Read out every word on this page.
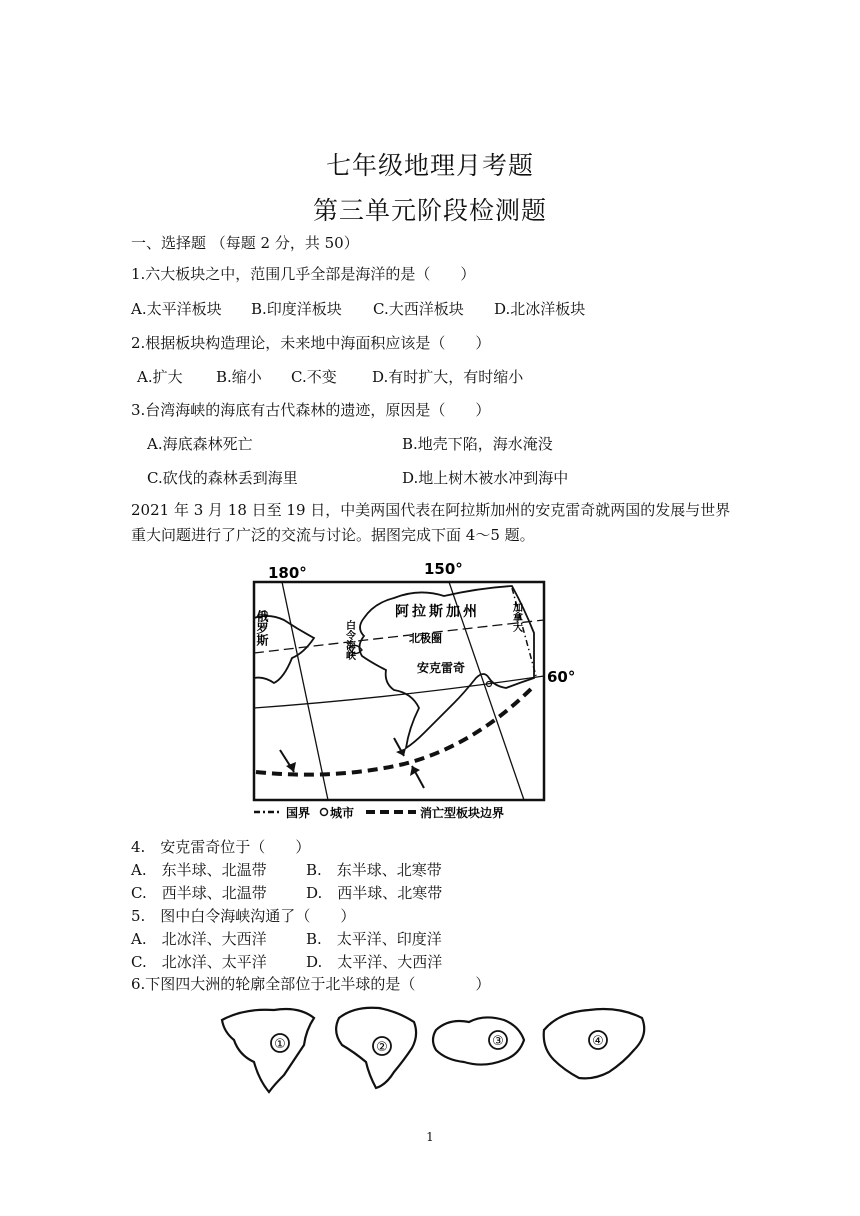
七年级地理月考题
第三单元阶段检测题
一、选择题 （每题 2 分，共 50）
1.六大板块之中，范围几乎全部是海洋的是（　　）
A.太平洋板块 B.印度洋板块 C.大西洋板块 D.北冰洋板块
2.根据板块构造理论，未来地中海面积应该是（　　）
A.扩大 B.缩小 C.不变 D.有时扩大，有时缩小
3.台湾海峡的海底有古代森林的遗迹，原因是（　　）
A.海底森林死亡	B.地壳下陷，海水淹没
C.砍伐的森林丢到海里	D.地上树木被水冲到海中
2021 年 3 月 18 日至 19 日，中美两国代表在阿拉斯加州的安克雷奇就两国的发展与世界重大问题进行了广泛的交流与讨论。据图完成下面 4～5 题。
180°	150°
60°
阿拉斯加州	加拿大
俄罗斯	白令海峡	北极圈
安克雷奇
国界 城市	消亡型板块边界
4.　安克雷奇位于（　　）
A.　东半球、北温带	B.　东半球、北寒带
C.　西半球、北温带	D.　西半球、北寒带
5.　图中白令海峡沟通了（　　）
A.　北冰洋、大西洋	B.　太平洋、印度洋
C.　北冰洋、太平洋	D.　太平洋、大西洋
6.下图四大洲的轮廓全部位于北半球的是（　　　　）
①	②	③	④
1
